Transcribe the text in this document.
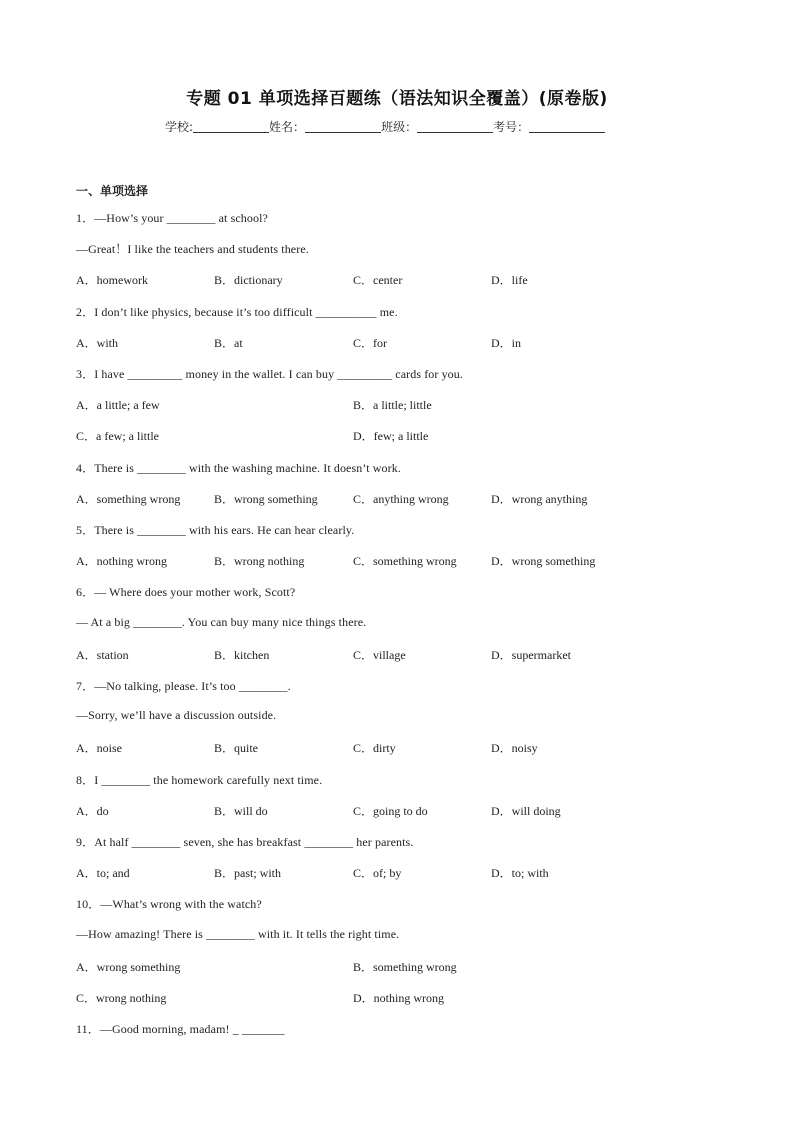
专题 01 单项选择百题练（语法知识全覆盖）(原卷版)
学校:	姓名：	班级：	考号：
一、单项选择
1．—How’s your ________ at school?
—Great！I like the teachers and students there.
A．homework	B．dictionary	C．center	D．life
2．I don’t like physics, because it’s too difficult __________ me.
A．with	B．at	C．for	D．in
3．I have _________ money in the wallet. I can buy _________ cards for you.
A．a little; a few	B．a little; little
C．a few; a little	D．few; a little
4．There is ________ with the washing machine. It doesn’t work.
A．something wrong	B．wrong something	C．anything wrong	D．wrong anything
5．There is ________ with his ears. He can hear clearly.
A．nothing wrong	B．wrong nothing	C．something wrong	D．wrong something
6．— Where does your mother work, Scott?
— At a big ________. You can buy many nice things there.
A．station	B．kitchen	C．village	D．supermarket
7．—No talking, please. It’s too ________.
—Sorry, we’ll have a discussion outside.
A．noise	B．quite	C．dirty	D．noisy
8．I ________ the homework carefully next time.
A．do	B．will do	C．going to do	D．will doing
9．At half ________ seven, she has breakfast ________ her parents.
A．to; and	B．past; with	C．of; by	D．to; with
10．—What’s wrong with the watch?
—How amazing! There is ________ with it. It tells the right time.
A．wrong something	B．something wrong
C．wrong nothing	D．nothing wrong
11．—Good morning, madam! _ _______
